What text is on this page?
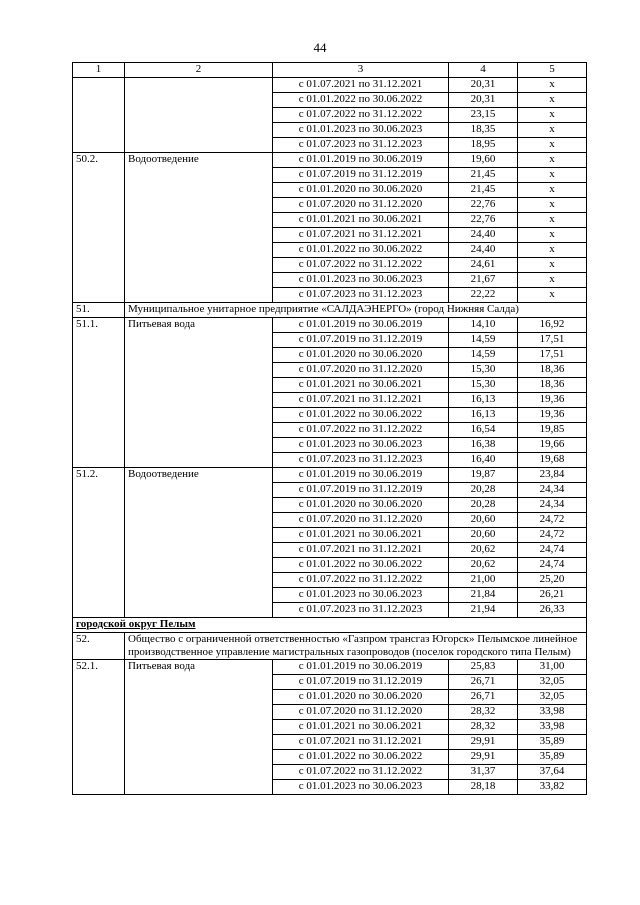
44
1	2	3	4	5
		с 01.07.2021 по 31.12.2021	20,31	х
		с 01.01.2022 по 30.06.2022	20,31	х
		с 01.07.2022 по 31.12.2022	23,15	х
		с 01.01.2023 по 30.06.2023	18,35	х
		с 01.07.2023 по 31.12.2023	18,95	х
50.2.	Водоотведение	с 01.01.2019 по 30.06.2019	19,60	х
		с 01.07.2019 по 31.12.2019	21,45	х
		с 01.01.2020 по 30.06.2020	21,45	х
		с 01.07.2020 по 31.12.2020	22,76	х
		с 01.01.2021 по 30.06.2021	22,76	х
		с 01.07.2021 по 31.12.2021	24,40	х
		с 01.01.2022 по 30.06.2022	24,40	х
		с 01.07.2022 по 31.12.2022	24,61	х
		с 01.01.2023 по 30.06.2023	21,67	х
		с 01.07.2023 по 31.12.2023	22,22	х
51.	Муниципальное унитарное предприятие «САЛДАЭНЕРГО» (город Нижняя Салда)			
51.1.	Питьевая вода	с 01.01.2019 по 30.06.2019	14,10	16,92
		с 01.07.2019 по 31.12.2019	14,59	17,51
		с 01.01.2020 по 30.06.2020	14,59	17,51
		с 01.07.2020 по 31.12.2020	15,30	18,36
		с 01.01.2021 по 30.06.2021	15,30	18,36
		с 01.07.2021 по 31.12.2021	16,13	19,36
		с 01.01.2022 по 30.06.2022	16,13	19,36
		с 01.07.2022 по 31.12.2022	16,54	19,85
		с 01.01.2023 по 30.06.2023	16,38	19,66
		с 01.07.2023 по 31.12.2023	16,40	19,68
51.2.	Водоотведение	с 01.01.2019 по 30.06.2019	19,87	23,84
		с 01.07.2019 по 31.12.2019	20,28	24,34
		с 01.01.2020 по 30.06.2020	20,28	24,34
		с 01.07.2020 по 31.12.2020	20,60	24,72
		с 01.01.2021 по 30.06.2021	20,60	24,72
		с 01.07.2021 по 31.12.2021	20,62	24,74
		с 01.01.2022 по 30.06.2022	20,62	24,74
		с 01.07.2022 по 31.12.2022	21,00	25,20
		с 01.01.2023 по 30.06.2023	21,84	26,21
		с 01.07.2023 по 31.12.2023	21,94	26,33
городской округ Пелым				
52.	Общество с ограниченной ответственностью «Газпром трансгаз Югорск» Пелымское линейное производственное управление магистральных газопроводов (поселок городского типа Пелым)			
52.1.	Питьевая вода	с 01.01.2019 по 30.06.2019	25,83	31,00
		с 01.07.2019 по 31.12.2019	26,71	32,05
		с 01.01.2020 по 30.06.2020	26,71	32,05
		с 01.07.2020 по 31.12.2020	28,32	33,98
		с 01.01.2021 по 30.06.2021	28,32	33,98
		с 01.07.2021 по 31.12.2021	29,91	35,89
		с 01.01.2022 по 30.06.2022	29,91	35,89
		с 01.07.2022 по 31.12.2022	31,37	37,64
		с 01.01.2023 по 30.06.2023	28,18	33,82
